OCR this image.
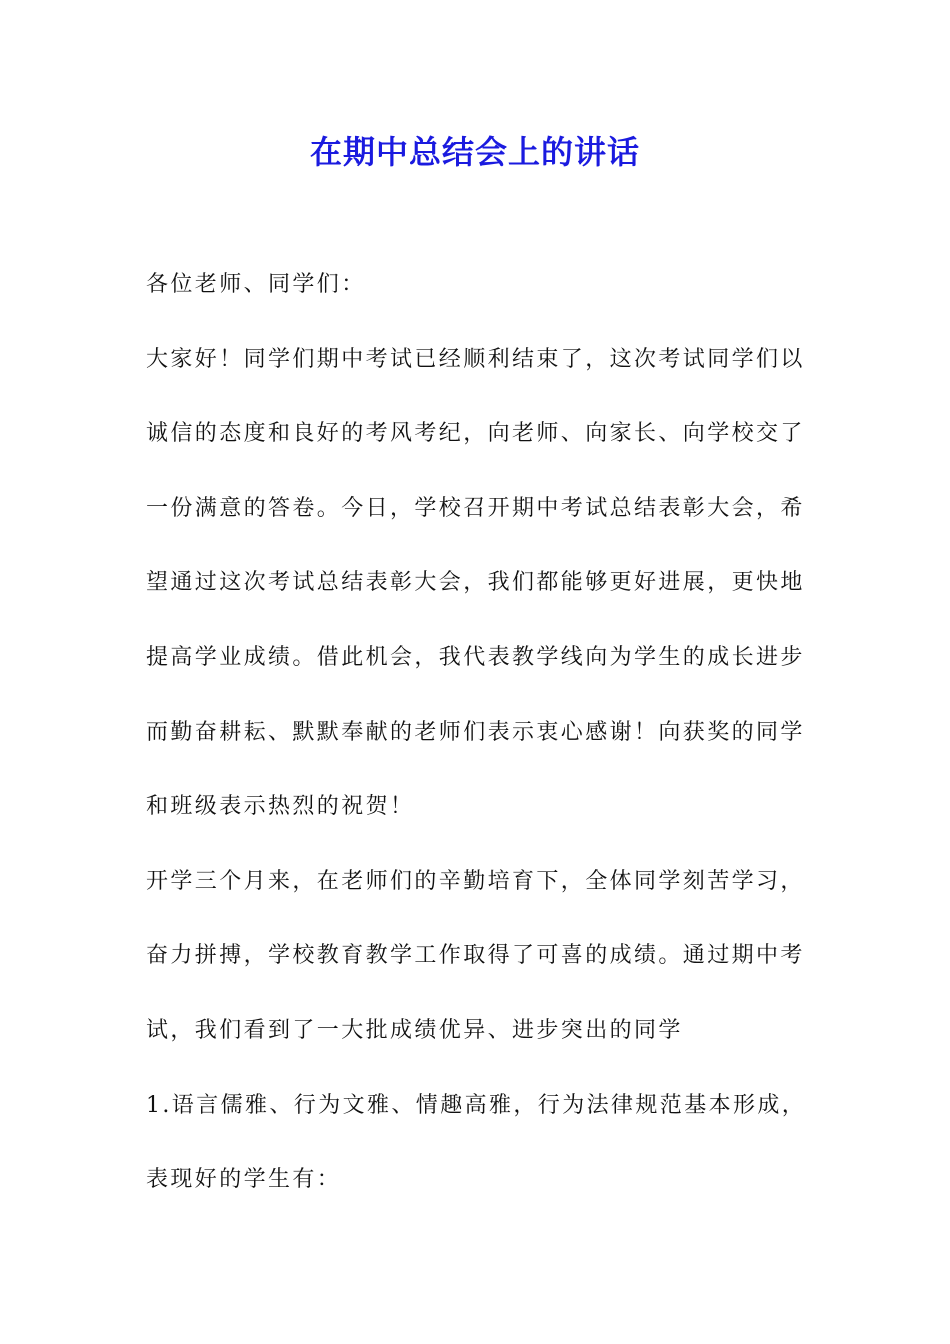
在期中总结会上的讲话
各位老师、同学们：
大家好！同学们期中考试已经顺利结束了，这次考试同学们以
诚信的态度和良好的考风考纪，向老师、向家长、向学校交了
一份满意的答卷。今日，学校召开期中考试总结表彰大会，希
望通过这次考试总结表彰大会，我们都能够更好进展，更快地
提高学业成绩。借此机会，我代表教学线向为学生的成长进步
而勤奋耕耘、默默奉献的老师们表示衷心感谢！向获奖的同学
和班级表示热烈的祝贺！
开学三个月来，在老师们的辛勤培育下，全体同学刻苦学习，
奋力拼搏，学校教育教学工作取得了可喜的成绩。通过期中考
试，我们看到了一大批成绩优异、进步突出的同学
1.语言儒雅、行为文雅、情趣高雅，行为法律规范基本形成，
表现好的学生有：
